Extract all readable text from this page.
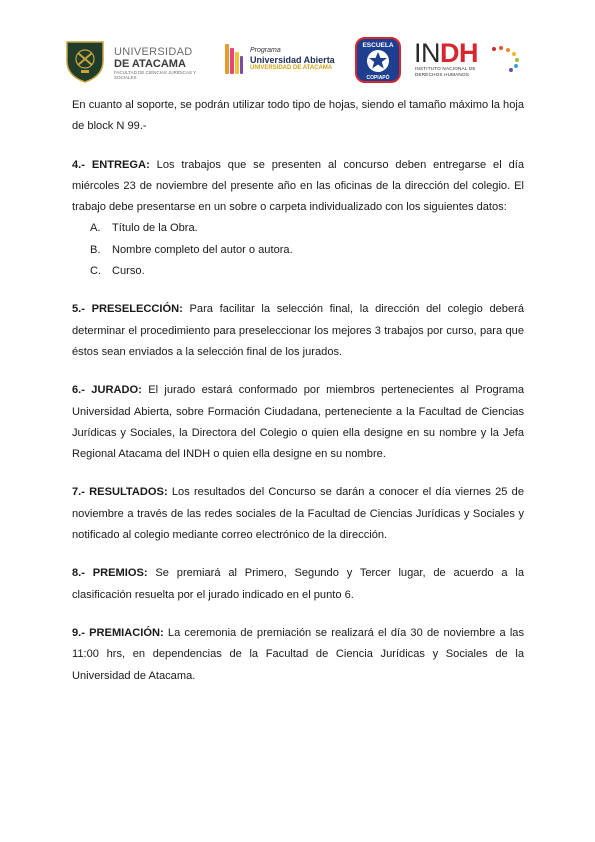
UNIVERSIDAD
DE ATACAMA
FACULTAD DE CIENCIAS JURÍDICAS Y SOCIALES
Programa
Universidad Abierta
UNIVERSIDAD DE ATACAMA
ESCUELA
COPIAPÓ
INDH
INSTITUTO NACIONAL DE
DERECHOS HUMANOS

En cuanto al soporte, se podrán utilizar todo tipo de hojas, siendo el tamaño máximo la hoja de block N 99.-

4.- ENTREGA: Los trabajos que se presenten al concurso deben entregarse el día miércoles 23 de noviembre del presente año en las oficinas de la dirección del colegio. El trabajo debe presentarse en un sobre o carpeta individualizado con los siguientes datos:

A. Título de la Obra.
B. Nombre completo del autor o autora.
C. Curso.

5.- PRESELECCIÓN: Para facilitar la selección final, la dirección del colegio deberá determinar el procedimiento para preseleccionar los mejores 3 trabajos por curso, para que éstos sean enviados a la selección final de los jurados.

6.- JURADO: El jurado estará conformado por miembros pertenecientes al Programa Universidad Abierta, sobre Formación Ciudadana, perteneciente a la Facultad de Ciencias Jurídicas y Sociales, la Directora del Colegio o quien ella designe en su nombre y la Jefa Regional Atacama del INDH o quien ella designe en su nombre.

7.- RESULTADOS: Los resultados del Concurso se darán a conocer el día viernes 25 de noviembre a través de las redes sociales de la Facultad de Ciencias Jurídicas y Sociales y notificado al colegio mediante correo electrónico de la dirección.

8.- PREMIOS: Se premiará al Primero, Segundo y Tercer lugar, de acuerdo a la clasificación resuelta por el jurado indicado en el punto 6.

9.- PREMIACIÓN: La ceremonia de premiación se realizará el día 30 de noviembre a las 11:00 hrs, en dependencias de la Facultad de Ciencia Jurídicas y Sociales de la Universidad de Atacama.
